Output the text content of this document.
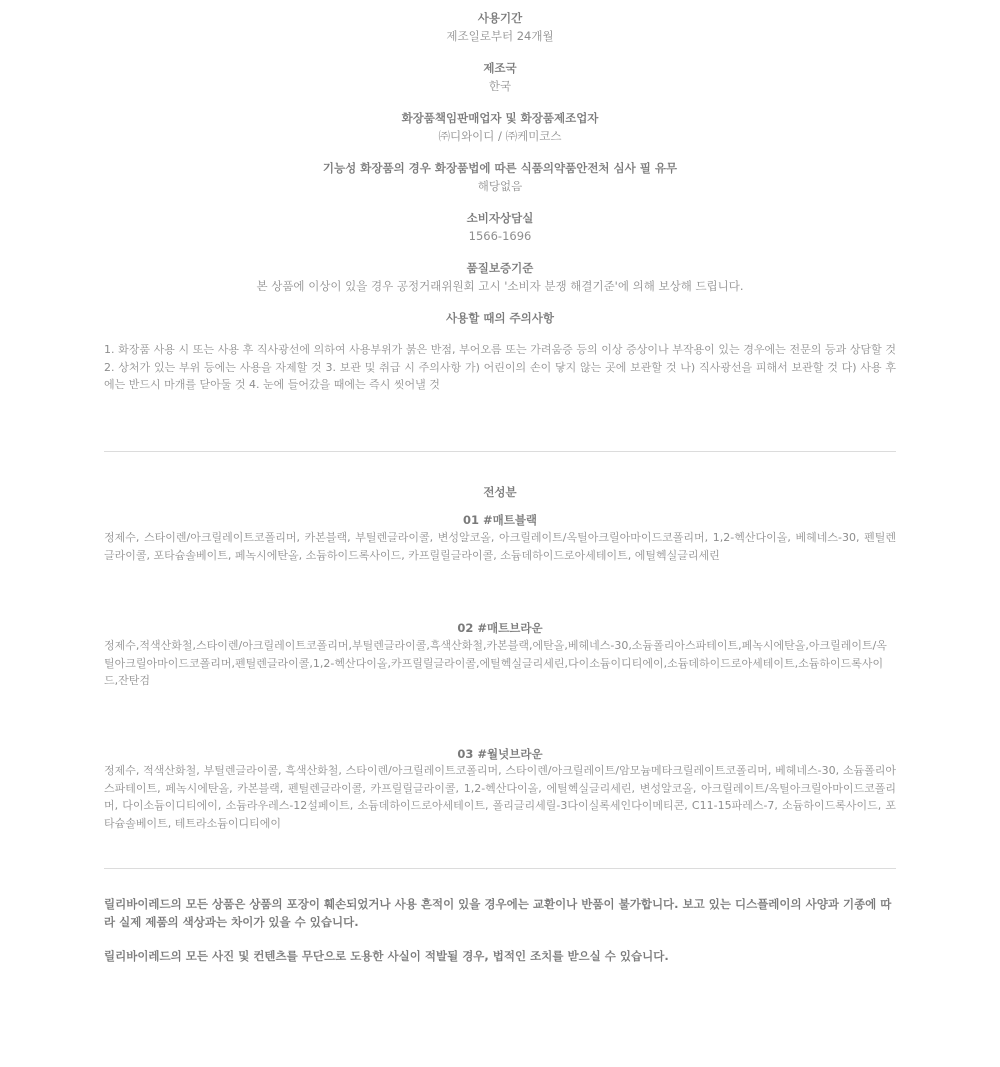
사용기간
제조일로부터 24개월
제조국
한국
화장품책임판매업자 및 화장품제조업자
㈜디와이디 / ㈜케미코스
기능성 화장품의 경우 화장품법에 따른 식품의약품안전처 심사 필 유무
해당없음
소비자상담실
1566-1696
품질보증기준
본 상품에 이상이 있을 경우 공정거래위원회 고시 '소비자 분쟁 해결기준'에 의해 보상해 드립니다.
사용할 때의 주의사항
1. 화장품 사용 시 또는 사용 후 직사광선에 의하여 사용부위가 붉은 반점, 부어오름 또는 가려움증 등의 이상 증상이나 부작용이 있는 경우에는 전문의 등과 상담할 것 2. 상처가 있는 부위 등에는 사용을 자제할 것 3. 보관 및 취급 시 주의사항 가) 어린이의 손이 닿지 않는 곳에 보관할 것 나) 직사광선을 피해서 보관할 것 다) 사용 후에는 반드시 마개를 닫아둘 것 4. 눈에 들어갔을 때에는 즉시 씻어낼 것
전성분
01 #매트블랙
정제수, 스타이렌/아크릴레이트코폴리머, 카본블랙, 부틸렌글라이콜, 변성알코올, 아크릴레이트/옥틸아크릴아마이드코폴리머, 1,2-헥산다이올, 베헤네스-30, 펜틸렌글라이콜, 포타슘솔베이트, 페녹시에탄올, 소듐하이드록사이드, 카프릴릴글라이콜, 소듐데하이드로아세테이트, 에틸헥실글리세린
02 #매트브라운
정제수,적색산화철,스타이렌/아크릴레이트코폴리머,부틸렌글라이콜,흑색산화철,카본블랙,에탄올,베헤네스-30,소듐폴리아스파테이트,페녹시에탄올,아크릴레이트/옥틸아크릴아마이드코폴리머,펜틸렌글라이콜,1,2-헥산다이올,카프릴릴글라이콜,에틸헥실글리세린,다이소듐이디티에이,소듐데하이드로아세테이트,소듐하이드록사이드,잔탄검
03 #월넛브라운
정제수, 적색산화철, 부틸렌글라이콜, 흑색산화철, 스타이렌/아크릴레이트코폴리머, 스타이렌/아크릴레이트/암모늄메타크릴레이트코폴리머, 베헤네스-30, 소듐폴리아스파테이트, 페녹시에탄올, 카본블랙, 펜틸렌글라이콜, 카프릴릴글라이콜, 1,2-헥산다이올, 에틸헥실글리세린, 변성알코올, 아크릴레이트/옥틸아크릴아마이드코폴리머, 다이소듐이디티에이, 소듐라우레스-12설페이트, 소듐데하이드로아세테이트, 폴리글리세릴-3다이실록세인다이메티콘, C11-15파레스-7, 소듐하이드록사이드, 포타슘솔베이트, 테트라소듐이디티에이
릴리바이레드의 모든 상품은 상품의 포장이 훼손되었거나 사용 흔적이 있을 경우에는 교환이나 반품이 불가합니다. 보고 있는 디스플레이의 사양과 기종에 따라 실제 제품의 색상과는 차이가 있을 수 있습니다.
릴리바이레드의 모든 사진 및 컨텐츠를 무단으로 도용한 사실이 적발될 경우, 법적인 조치를 받으실 수 있습니다.
